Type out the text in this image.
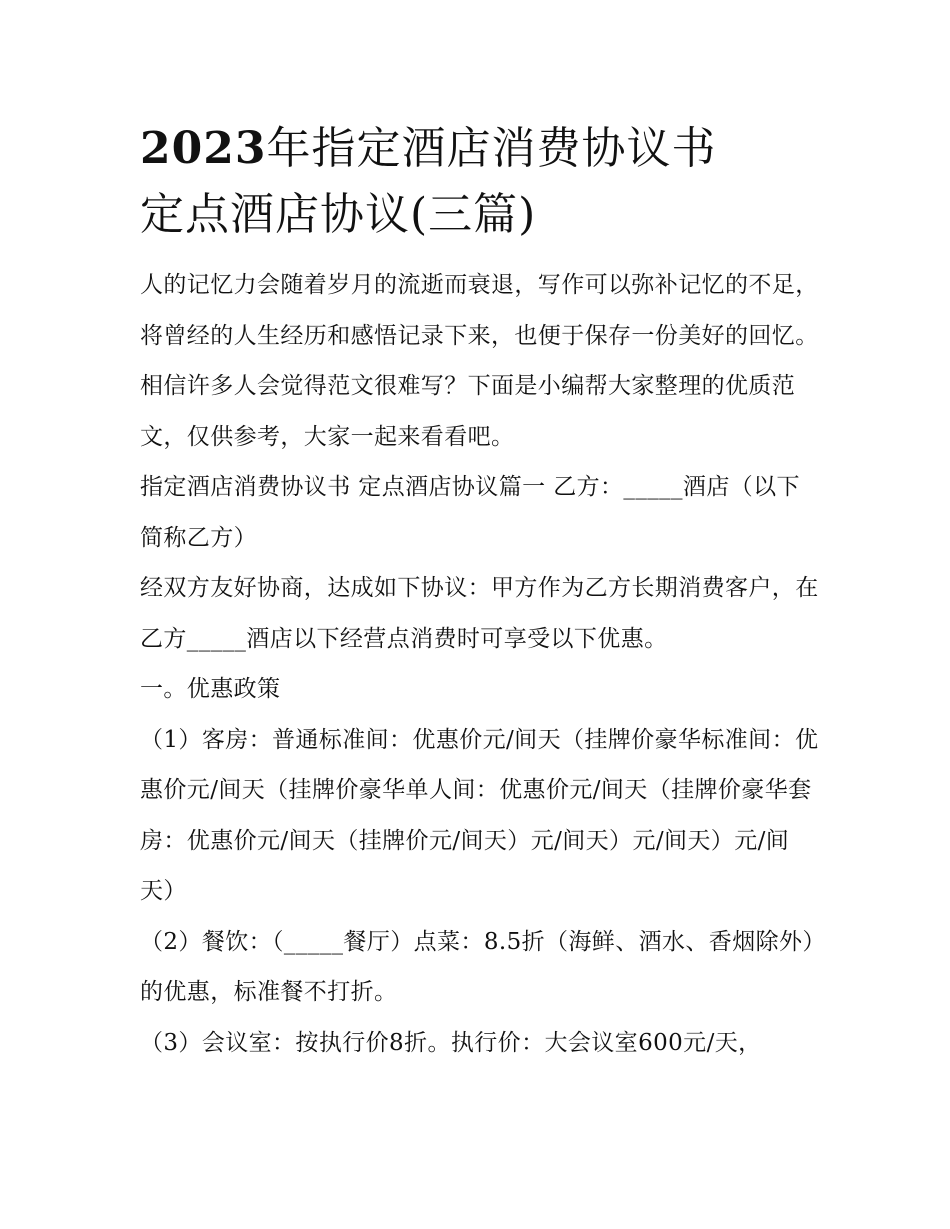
2023年指定酒店消费协议书
定点酒店协议(三篇)

人的记忆力会随着岁月的流逝而衰退，写作可以弥补记忆的不足，将曾经的人生经历和感悟记录下来，也便于保存一份美好的回忆。相信许多人会觉得范文很难写？下面是小编帮大家整理的优质范文，仅供参考，大家一起来看看吧。

指定酒店消费协议书 定点酒店协议篇一 乙方：_____酒店（以下简称乙方）

经双方友好协商，达成如下协议：甲方作为乙方长期消费客户，在乙方_____酒店以下经营点消费时可享受以下优惠。

一。优惠政策

（1）客房：普通标准间：优惠价元/间天（挂牌价豪华标准间：优惠价元/间天（挂牌价豪华单人间：优惠价元/间天（挂牌价豪华套房：优惠价元/间天（挂牌价元/间天）元/间天）元/间天）元/间天）

（2）餐饮：（_____餐厅）点菜：8.5折（海鲜、酒水、香烟除外）的优惠，标准餐不打折。

（3）会议室：按执行价8折。执行价：大会议室600元/天，
